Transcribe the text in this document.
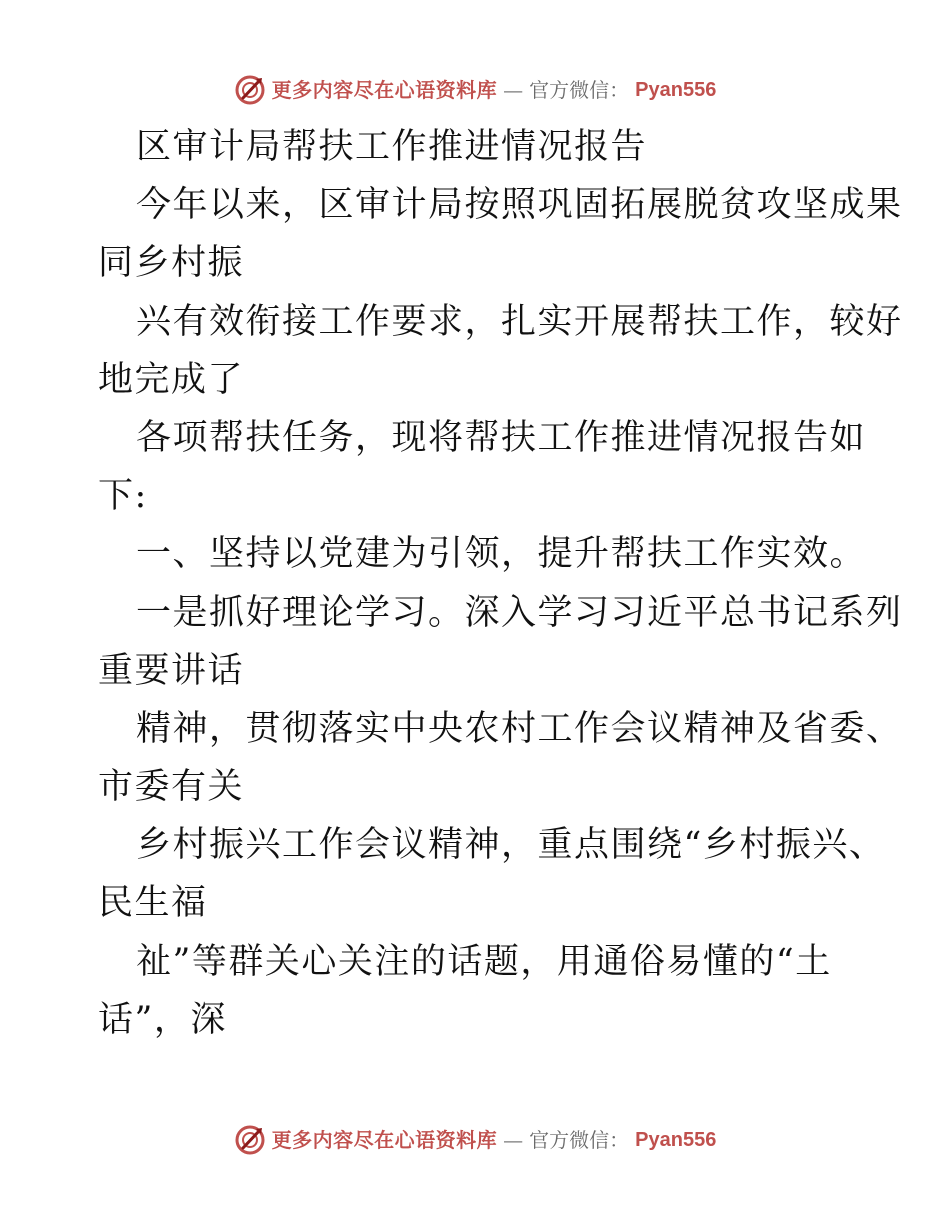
更多内容尽在心语资料库 — 官方微信： Pyan556
区审计局帮扶工作推进情况报告
今年以来，区审计局按照巩固拓展脱贫攻坚成果
同乡村振
兴有效衔接工作要求，扎实开展帮扶工作，较好
地完成了
各项帮扶任务，现将帮扶工作推进情况报告如
下:
一、坚持以党建为引领，提升帮扶工作实效。
一是抓好理论学习。深入学习习近平总书记系列
重要讲话
精神，贯彻落实中央农村工作会议精神及省委、
市委有关
乡村振兴工作会议精神，重点围绕“乡村振兴、
民生福
祉”等群关心关注的话题，用通俗易懂的“土
话”，深
更多内容尽在心语资料库 — 官方微信： Pyan556
